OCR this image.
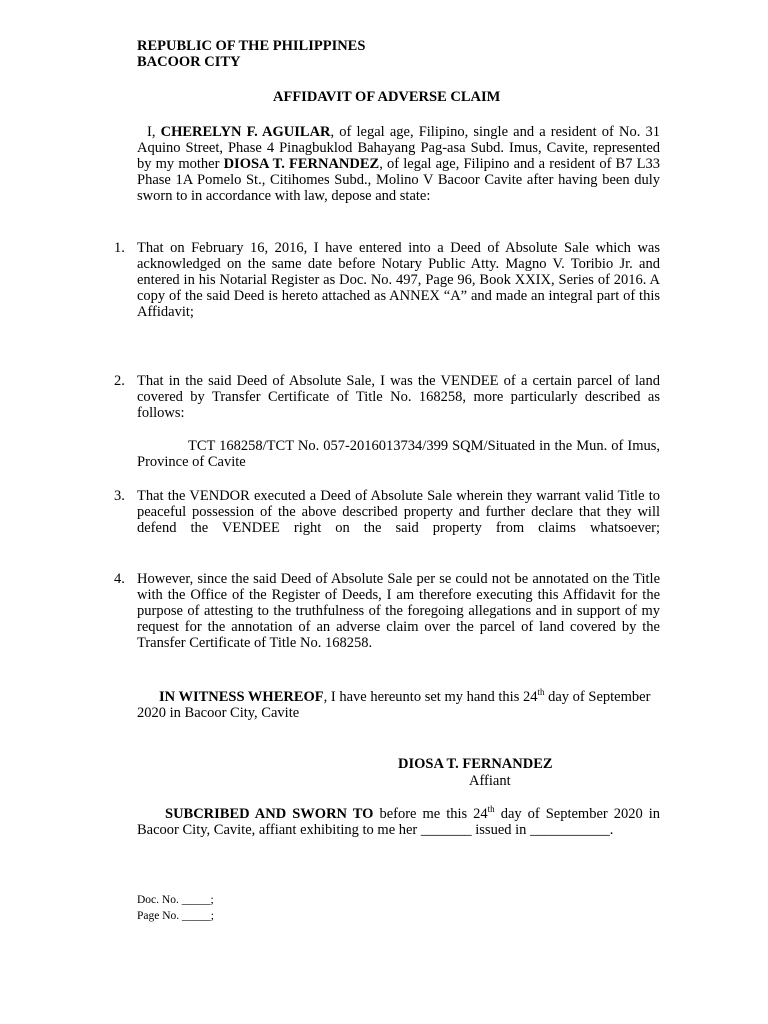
REPUBLIC OF THE PHILIPPINES
BACOOR CITY
AFFIDAVIT OF ADVERSE CLAIM
I, CHERELYN F. AGUILAR, of legal age, Filipino, single and a resident of No. 31 Aquino Street, Phase 4 Pinagbuklod Bahayang Pag-asa Subd. Imus, Cavite, represented by my mother DIOSA T. FERNANDEZ, of legal age, Filipino and a resident of B7 L33 Phase 1A Pomelo St., Citihomes Subd., Molino V Bacoor Cavite after having been duly sworn to in accordance with law, depose and state:
1. That on February 16, 2016, I have entered into a Deed of Absolute Sale which was acknowledged on the same date before Notary Public Atty. Magno V. Toribio Jr. and entered in his Notarial Register as Doc. No. 497, Page 96, Book XXIX, Series of 2016. A copy of the said Deed is hereto attached as ANNEX “A” and made an integral part of this Affidavit;
2. That in the said Deed of Absolute Sale, I was the VENDEE of a certain parcel of land covered by Transfer Certificate of Title No. 168258, more particularly described as follows:
TCT 168258/TCT No. 057-2016013734/399 SQM/Situated in the Mun. of Imus, Province of Cavite
3. That the VENDOR executed a Deed of Absolute Sale wherein they warrant valid Title to peaceful possession of the above described property and further declare that they will defend the VENDEE right on the said property from claims whatsoever;
4. However, since the said Deed of Absolute Sale per se could not be annotated on the Title with the Office of the Register of Deeds, I am therefore executing this Affidavit for the purpose of attesting to the truthfulness of the foregoing allegations and in support of my request for the annotation of an adverse claim over the parcel of land covered by the Transfer Certificate of Title No. 168258.
IN WITNESS WHEREOF, I have hereunto set my hand this 24th day of September 2020 in Bacoor City, Cavite
DIOSA T. FERNANDEZ
Affiant
SUBCRIBED AND SWORN TO before me this 24th day of September 2020 in Bacoor City, Cavite, affiant exhibiting to me her _______ issued in ___________.
Doc. No. _____;
Page No. _____;
